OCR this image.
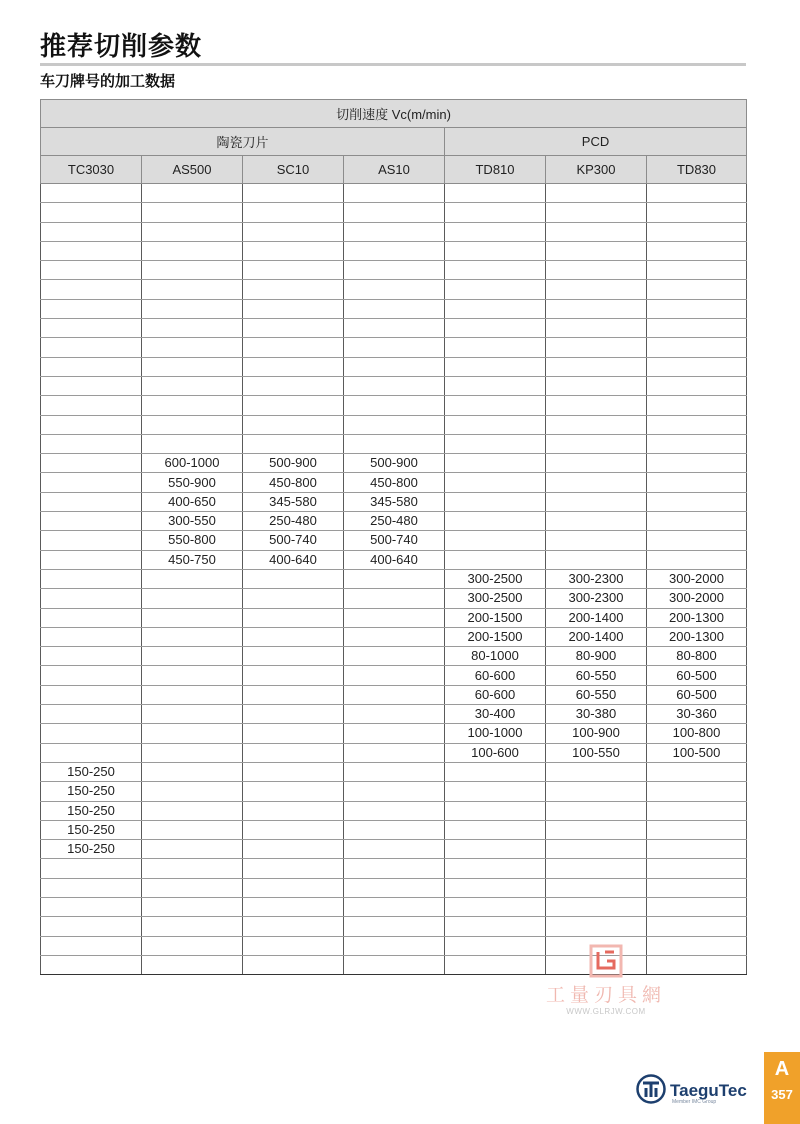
推荐切削参数
车刀牌号的加工数据
切削速度 Vc(m/min)						
陶瓷刀片				PCD		
TC3030	AS500	SC10	AS10	TD810	KP300	TD830

	600-1000	500-900	500-900			
	550-900	450-800	450-800			
	400-650	345-580	345-580			
	300-550	250-480	250-480			
	550-800	500-740	500-740			
	450-750	400-640	400-640			
				300-2500	300-2300	300-2000
				300-2500	300-2300	300-2000
				200-1500	200-1400	200-1300
				200-1500	200-1400	200-1300
				80-1000	80-900	80-800
				60-600	60-550	60-500
				60-600	60-550	60-500
				30-400	30-380	30-360
				100-1000	100-900	100-800
				100-600	100-550	100-500
150-250						
150-250						
150-250						
150-250						
150-250						

工量刃具網
WWW.GLRJW.COM
TaeguTec
Member IMC Group
A
357
